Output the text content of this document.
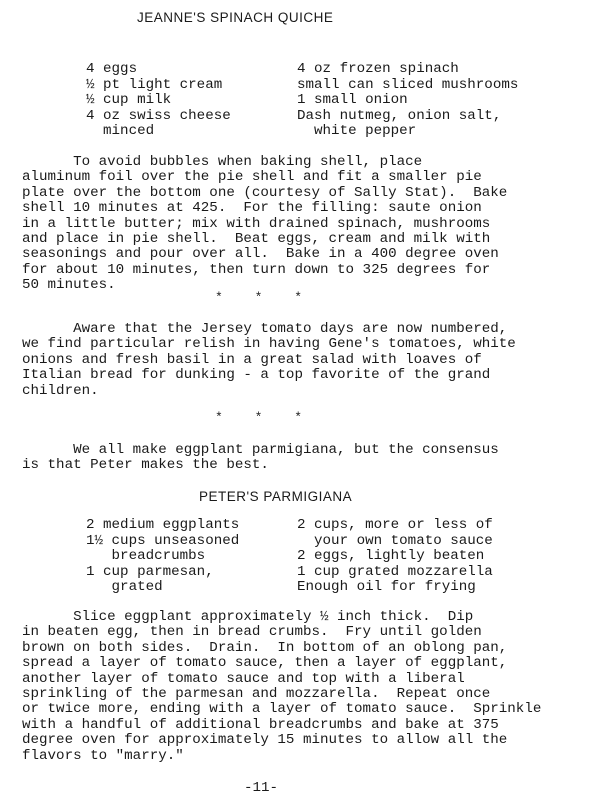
JEANNE'S SPINACH QUICHE
4 eggs
½ pt light cream
½ cup milk
4 oz swiss cheese
minced
4 oz frozen spinach
small can sliced mushrooms
1 small onion
Dash nutmeg, onion salt,
white pepper
To avoid bubbles when baking shell, place
aluminum foil over the pie shell and fit a smaller pie
plate over the bottom one (courtesy of Sally Stat).  Bake
shell 10 minutes at 425.  For the filling: saute onion
in a little butter; mix with drained spinach, mushrooms
and place in pie shell.  Beat eggs, cream and milk with
seasonings and pour over all.  Bake in a 400 degree oven
for about 10 minutes, then turn down to 325 degrees for
50 minutes.
* * *
Aware that the Jersey tomato days are now numbered,
we find particular relish in having Gene's tomatoes, white
onions and fresh basil in a great salad with loaves of
Italian bread for dunking - a top favorite of the grand
children.
* * *
We all make eggplant parmigiana, but the consensus
is that Peter makes the best.
PETER'S PARMIGIANA
2 medium eggplants
1½ cups unseasoned
breadcrumbs
1 cup parmesan,
grated
2 cups, more or less of
your own tomato sauce
2 eggs, lightly beaten
1 cup grated mozzarella
Enough oil for frying
Slice eggplant approximately ½ inch thick.  Dip
in beaten egg, then in bread crumbs.  Fry until golden
brown on both sides.  Drain.  In bottom of an oblong pan,
spread a layer of tomato sauce, then a layer of eggplant,
another layer of tomato sauce and top with a liberal
sprinkling of the parmesan and mozzarella.  Repeat once
or twice more, ending with a layer of tomato sauce.  Sprinkle
with a handful of additional breadcrumbs and bake at 375
degree oven for approximately 15 minutes to allow all the
flavors to "marry."
-11-
